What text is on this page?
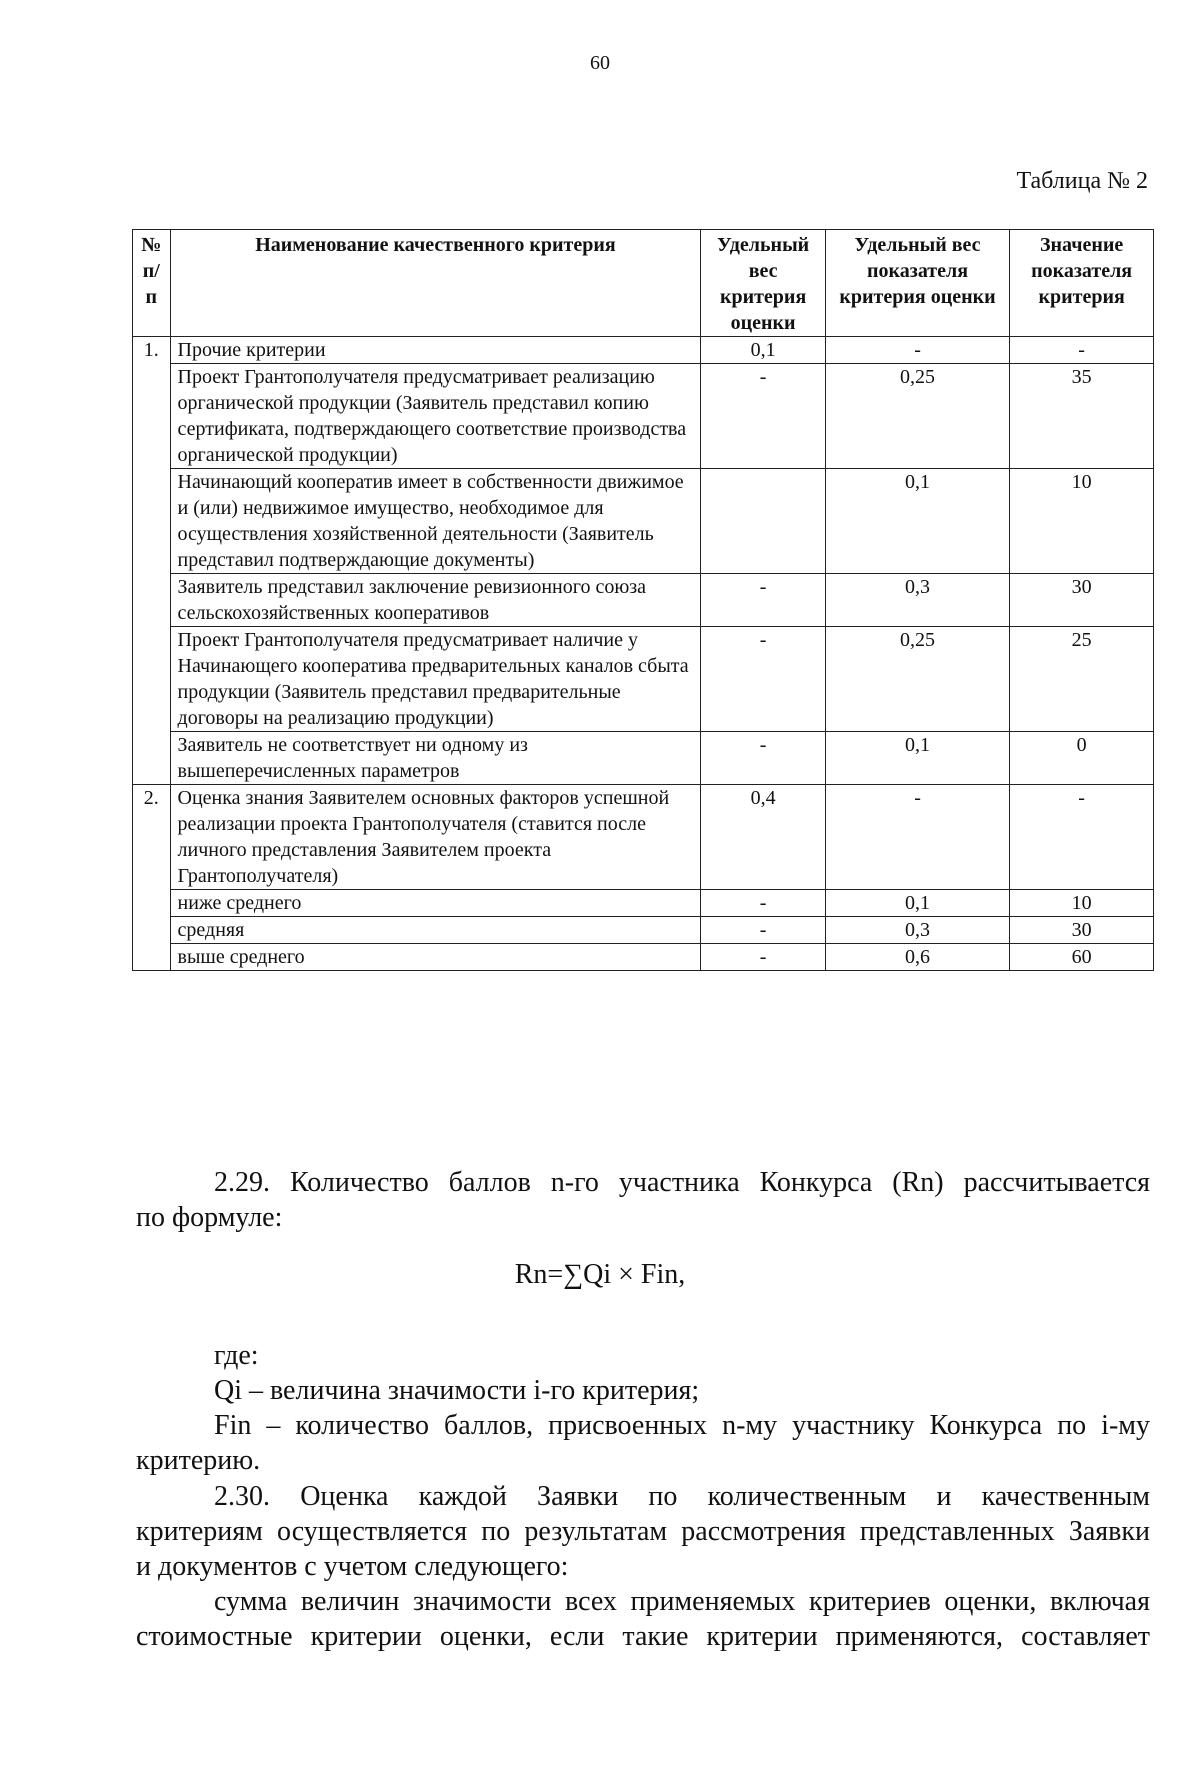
60
Таблица № 2
№ п/п	Наименование качественного критерия	Удельный вес критерия оценки	Удельный вес показателя критерия оценки	Значение показателя критерия
1.	Прочие критерии	0,1	-	-
	Проект Грантополучателя предусматривает реализацию органической продукции (Заявитель представил копию сертификата, подтверждающего соответствие производства органической продукции)	-	0,25	35
	Начинающий кооператив имеет в собственности движимое и (или) недвижимое имущество, необходимое для осуществления хозяйственной деятельности (Заявитель представил подтверждающие документы)		0,1	10
	Заявитель представил заключение ревизионного союза сельскохозяйственных кооперативов	-	0,3	30
	Проект Грантополучателя предусматривает наличие у Начинающего кооператива предварительных каналов сбыта продукции (Заявитель представил предварительные договоры на реализацию продукции)	-	0,25	25
	Заявитель не соответствует ни одному из вышеперечисленных параметров	-	0,1	0
2.	Оценка знания Заявителем основных факторов успешной реализации проекта Грантополучателя (ставится после личного представления Заявителем проекта Грантополучателя)	0,4	-	-
	ниже среднего	-	0,1	10
	средняя	-	0,3	30
	выше среднего	-	0,6	60
2.29. Количество баллов n-го участника Конкурса (Rn) рассчитывается
по формуле:
Rn=∑Qi × Fin,
где:
Qi – величина значимости i-го критерия;
Fin – количество баллов, присвоенных n-му участнику Конкурса по i-му
критерию.
2.30. Оценка каждой Заявки по количественным и качественным
критериям осуществляется по результатам рассмотрения представленных Заявки
и документов с учетом следующего:
сумма величин значимости всех применяемых критериев оценки, включая
стоимостные критерии оценки, если такие критерии применяются, составляет
